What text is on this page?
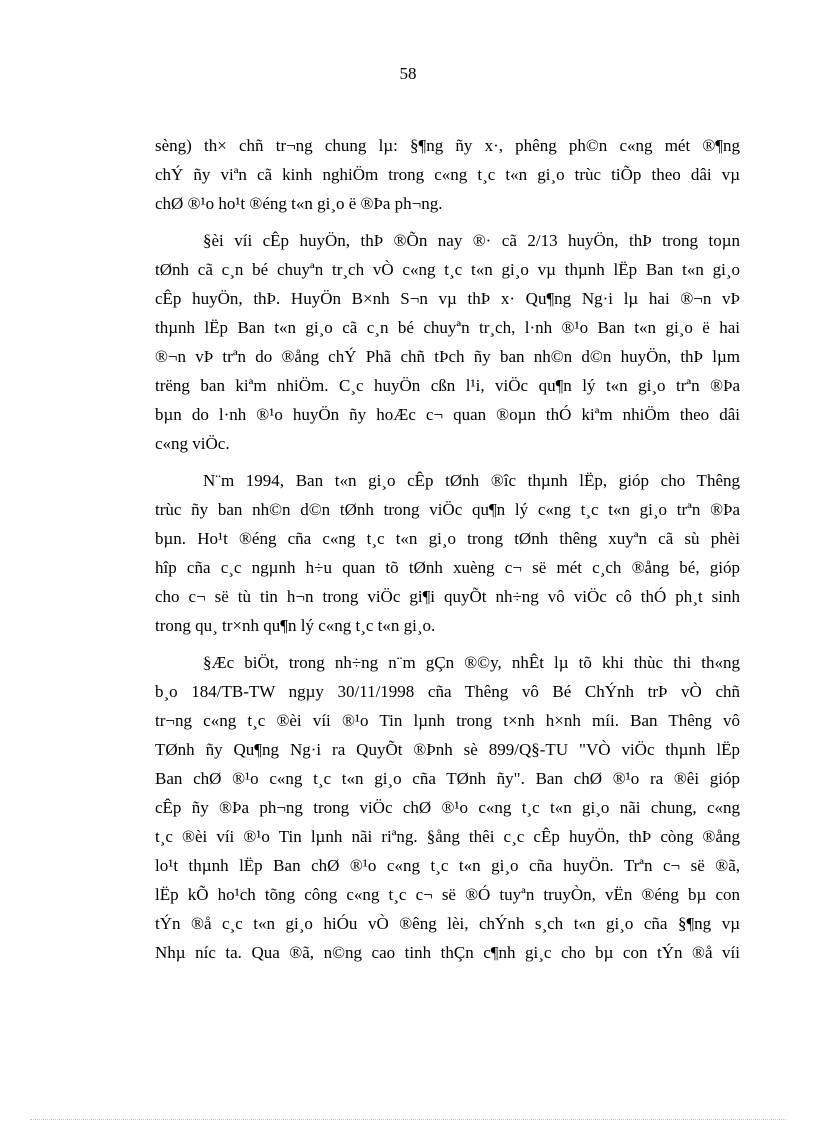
58

sèng) th× chñ tr¬ng chung lµ: §¶ng ñy x·, phêng ph©n c«ng mét ®¶ng
chÝ ñy viªn cã kinh nghiÖm trong c«ng t¸c t«n gi¸o trùc tiÕp theo dâi vµ
chØ ®¹o ho¹t ®éng t«n gi¸o ë ®Þa ph¬ng.

§èi víi cÊp huyÖn, thÞ ®Õn nay ®· cã 2/13 huyÖn, thÞ trong toµn
tØnh cã c¸n bé chuyªn tr¸ch vÒ c«ng t¸c t«n gi¸o vµ thµnh lËp Ban t«n gi¸o
cÊp huyÖn, thÞ. HuyÖn B×nh S¬n vµ thÞ x· Qu¶ng Ng·i lµ hai ®¬n vÞ
thµnh lËp Ban t«n gi¸o cã c¸n bé chuyªn tr¸ch, l·nh ®¹o Ban t«n gi¸o ë hai
®¬n vÞ trªn do ®ång chÝ Phã chñ tÞch ñy ban nh©n d©n huyÖn, thÞ lµm
trëng ban kiªm nhiÖm. C¸c huyÖn cßn l¹i, viÖc qu¶n lý t«n gi¸o trªn ®Þa
bµn do l·nh ®¹o huyÖn ñy hoÆc c¬ quan ®oµn thÓ kiªm nhiÖm theo dâi
c«ng viÖc.

N¨m 1994, Ban t«n gi¸o cÊp tØnh ®îc thµnh lËp, gióp cho Thêng
trùc ñy ban nh©n d©n tØnh trong viÖc qu¶n lý c«ng t¸c t«n gi¸o trªn ®Þa
bµn. Ho¹t ®éng cña c«ng t¸c t«n gi¸o trong tØnh thêng xuyªn cã sù phèi
hîp cña c¸c ngµnh h÷u quan tõ tØnh xuèng c¬ së mét c¸ch ®ång bé, gióp
cho c¬ së tù tin h¬n trong viÖc gi¶i quyÕt nh÷ng vô viÖc cô thÓ ph¸t sinh
trong qu¸ tr×nh qu¶n lý c«ng t¸c t«n gi¸o.

§Æc biÖt, trong nh÷ng n¨m gÇn ®©y, nhÊt lµ tõ khi thùc thi th«ng
b¸o 184/TB-TW ngµy 30/11/1998 cña Thêng vô Bé ChÝnh trÞ vÒ chñ
tr¬ng c«ng t¸c ®èi víi ®¹o Tin lµnh trong t×nh h×nh míi. Ban Thêng vô
TØnh ñy Qu¶ng Ng·i ra QuyÕt ®Þnh sè 899/Q§-TU "VÒ viÖc thµnh lËp
Ban chØ ®¹o c«ng t¸c t«n gi¸o cña TØnh ñy". Ban chØ ®¹o ra ®êi gióp
cÊp ñy ®Þa ph¬ng trong viÖc chØ ®¹o c«ng t¸c t«n gi¸o nãi chung, c«ng
t¸c ®èi víi ®¹o Tin lµnh nãi riªng. §ång thêi c¸c cÊp huyÖn, thÞ còng ®ång
lo¹t thµnh lËp Ban chØ ®¹o c«ng t¸c t«n gi¸o cña huyÖn. Trªn c¬ së ®ã,
lËp kÕ ho¹ch tõng công c«ng t¸c c¬ së ®Ó tuyªn truyÒn, vËn ®éng bµ con
tÝn ®å c¸c t«n gi¸o hiÓu vÒ ®êng lèi, chÝnh s¸ch t«n gi¸o cña §¶ng vµ
Nhµ níc ta. Qua ®ã, n©ng cao tinh thÇn c¶nh gi¸c cho bµ con tÝn ®å víi
